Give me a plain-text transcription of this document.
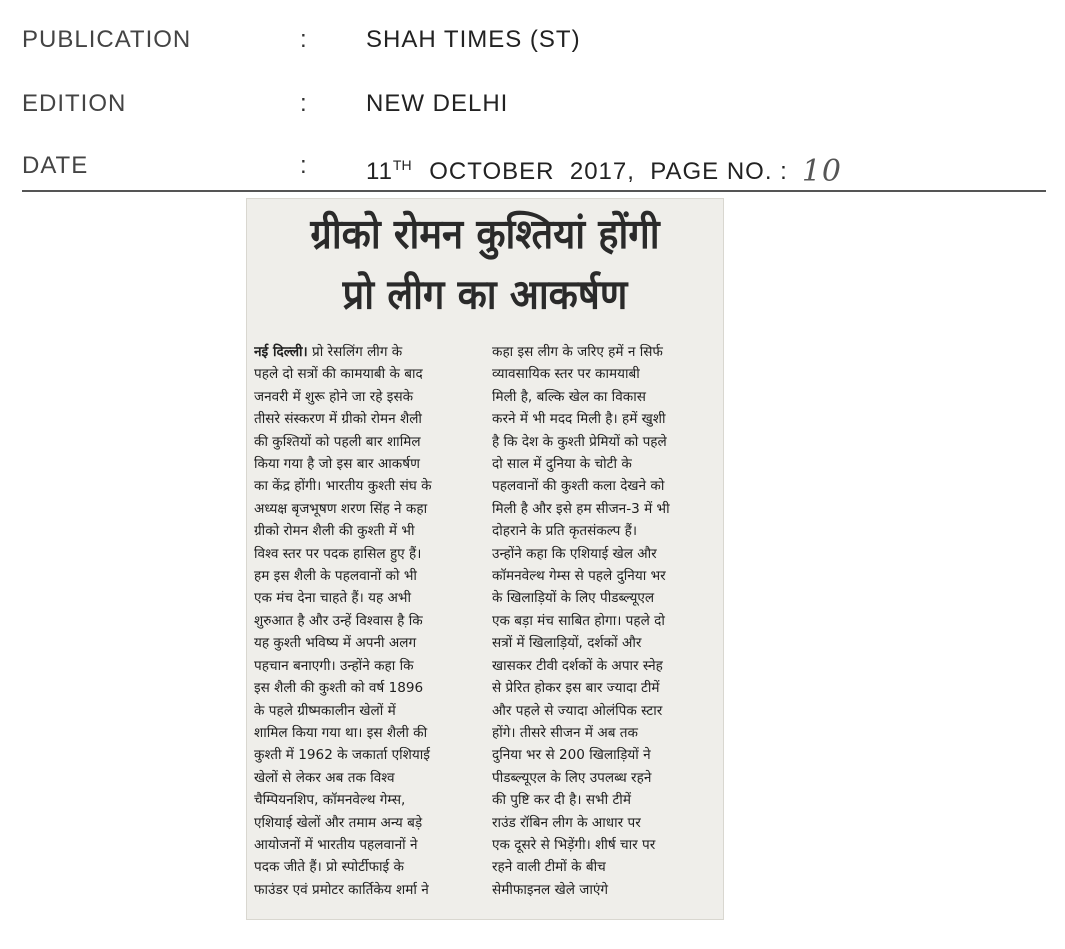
PUBLICATION	: SHAH TIMES (ST)
EDITION	: NEW DELHI
DATE	: 11TH OCTOBER  2017,  PAGE NO. : 10
ग्रीको रोमन कुश्तियां होंगी
प्रो लीग का आकर्षण
नई दिल्ली। प्रो रेसलिंग लीग के
पहले दो सत्रों की कामयाबी के बाद
जनवरी में शुरू होने जा रहे इसके
तीसरे संस्करण में ग्रीको रोमन शैली
की कुश्तियों को पहली बार शामिल
किया गया है जो इस बार आकर्षण
का केंद्र होंगी। भारतीय कुश्ती संघ के
अध्यक्ष बृजभूषण शरण सिंह ने कहा
ग्रीको रोमन शैली की कुश्ती में भी
विश्व स्तर पर पदक हासिल हुए हैं।
हम इस शैली के पहलवानों को भी
एक मंच देना चाहते हैं। यह अभी
शुरुआत है और उन्हें विश्वास है कि
यह कुश्ती भविष्य में अपनी अलग
पहचान बनाएगी। उन्होंने कहा कि
इस शैली की कुश्ती को वर्ष 1896
के पहले ग्रीष्मकालीन खेलों में
शामिल किया गया था। इस शैली की
कुश्ती में 1962 के जकार्ता एशियाई
खेलों से लेकर अब तक विश्व
चैम्पियनशिप, कॉमनवेल्थ गेम्स,
एशियाई खेलों और तमाम अन्य बड़े
आयोजनों में भारतीय पहलवानों ने
पदक जीते हैं। प्रो स्पोर्टीफाई के
फाउंडर एवं प्रमोटर कार्तिकेय शर्मा ने
कहा इस लीग के जरिए हमें न सिर्फ
व्यावसायिक स्तर पर कामयाबी
मिली है, बल्कि खेल का विकास
करने में भी मदद मिली है। हमें खुशी
है कि देश के कुश्ती प्रेमियों को पहले
दो साल में दुनिया के चोटी के
पहलवानों की कुश्ती कला देखने को
मिली है और इसे हम सीजन-3 में भी
दोहराने के प्रति कृतसंकल्प हैं।
उन्होंने कहा कि एशियाई खेल और
कॉमनवेल्थ गेम्स से पहले दुनिया भर
के खिलाड़ियों के लिए पीडब्ल्यूएल
एक बड़ा मंच साबित होगा। पहले दो
सत्रों में खिलाड़ियों, दर्शकों और
खासकर टीवी दर्शकों के अपार स्नेह
से प्रेरित होकर इस बार ज्यादा टीमें
और पहले से ज्यादा ओलंपिक स्टार
होंगे। तीसरे सीजन में अब तक
दुनिया भर से 200 खिलाड़ियों ने
पीडब्ल्यूएल के लिए उपलब्ध रहने
की पुष्टि कर दी है। सभी टीमें
राउंड रॉबिन लीग के आधार पर
एक दूसरे से भिड़ेंगी। शीर्ष चार पर
रहने वाली टीमों के बीच
सेमीफाइनल खेले जाएंगे
